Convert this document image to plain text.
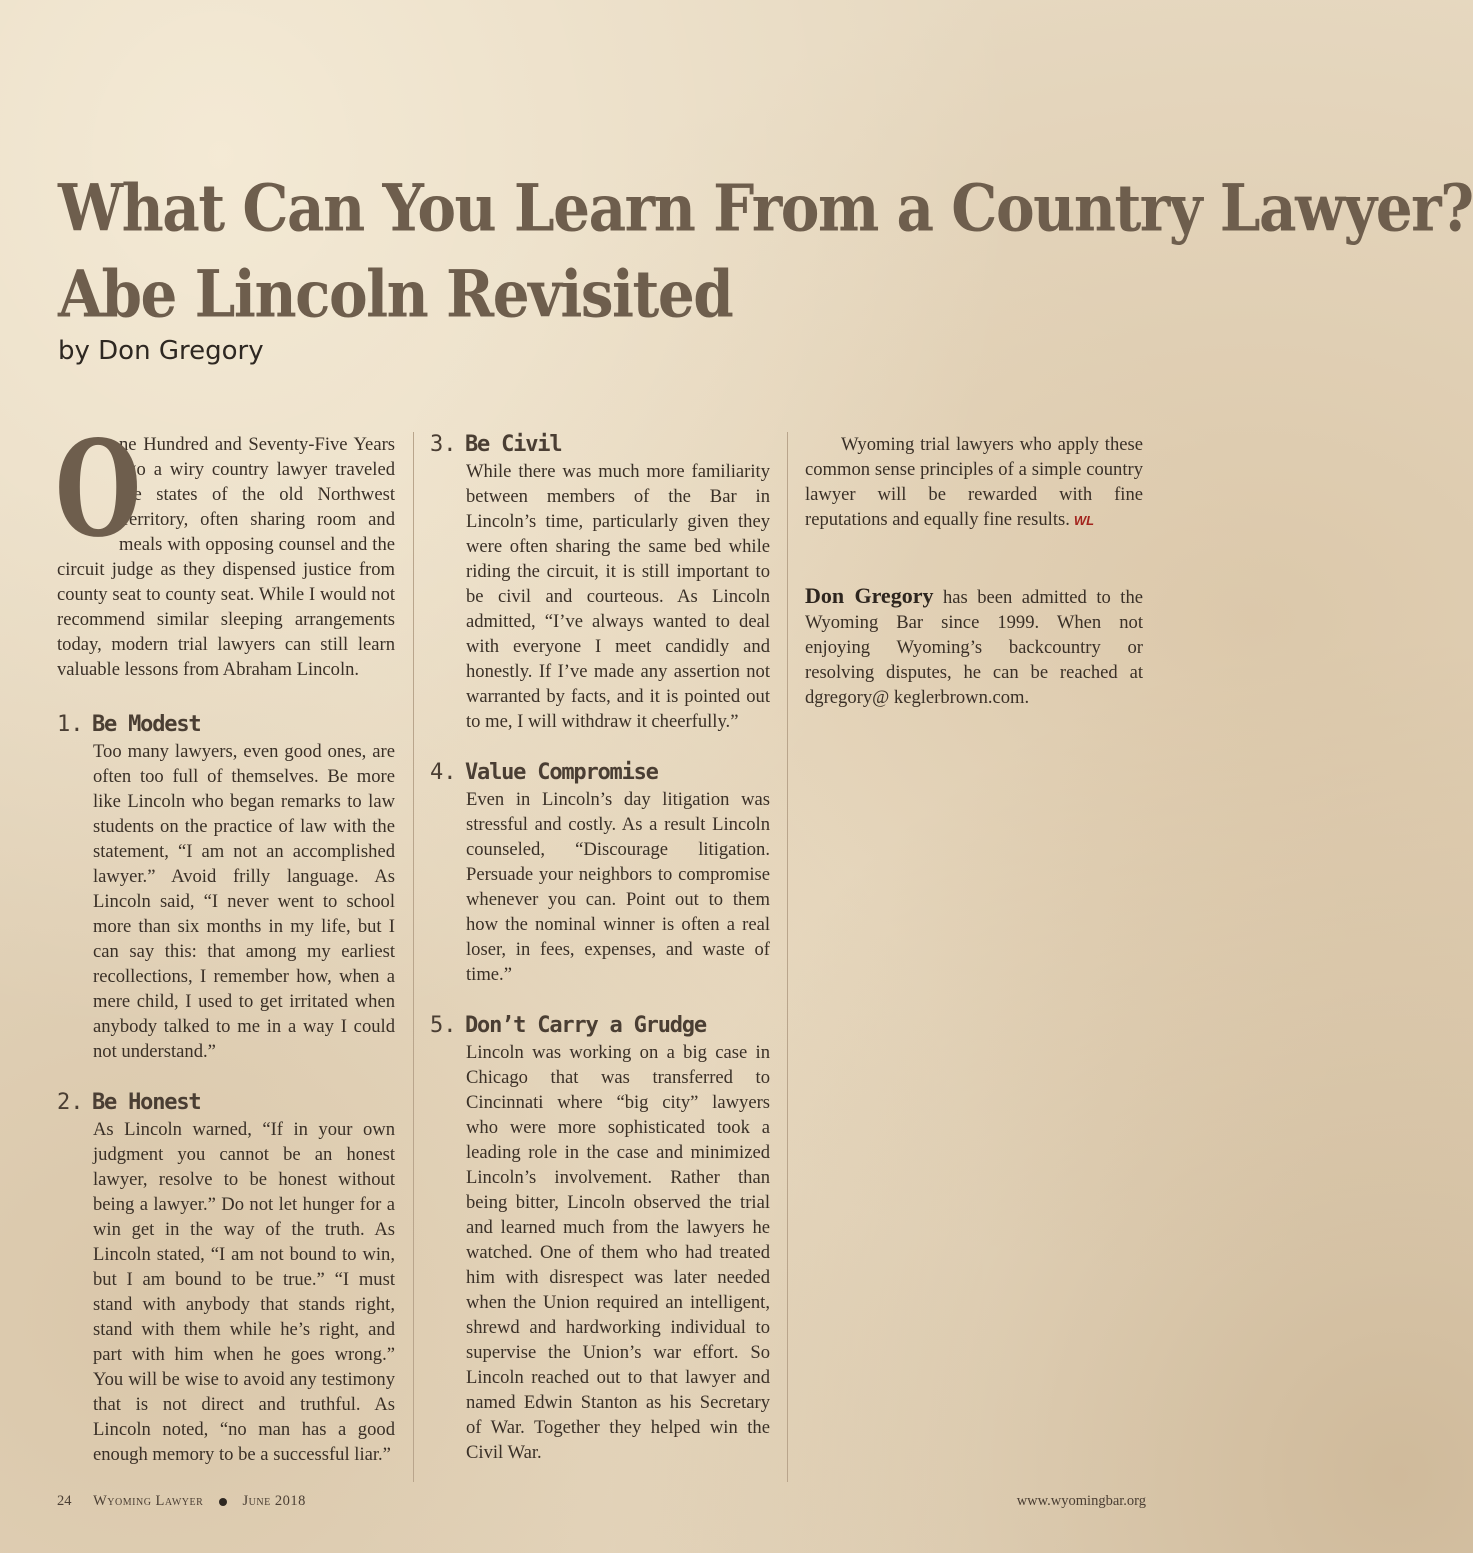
What Can You Learn From a Country Lawyer?
Abe Lincoln Revisited

by Don Gregory

O
ne Hundred and Seventy-Five Years ago a wiry country lawyer traveled the states of the old Northwest Territory, often sharing room and meals with opposing counsel and the circuit judge as they dispensed justice from county seat to county seat. While I would not recommend similar sleeping arrangements today, modern trial lawyers can still learn valuable lessons from Abraham Lincoln.

1. Be Modest

Too many lawyers, even good ones, are often too full of themselves. Be more like Lincoln who began remarks to law students on the practice of law with the statement, “I am not an accomplished lawyer.” Avoid frilly language. As Lincoln said, “I never went to school more than six months in my life, but I can say this: that among my earliest recollections, I remember how, when a mere child, I used to get irritated when anybody talked to me in a way I could not understand.”

2. Be Honest

As Lincoln warned, “If in your own judgment you cannot be an honest lawyer, resolve to be honest without being a lawyer.” Do not let hunger for a win get in the way of the truth. As Lincoln stated, “I am not bound to win, but I am bound to be true.” “I must stand with anybody that stands right, stand with them while he’s right, and part with him when he goes wrong.” You will be wise to avoid any testimony that is not direct and truthful. As Lincoln noted, “no man has a good enough memory to be a successful liar.”

3. Be Civil

While there was much more familiarity between members of the Bar in Lincoln’s time, particularly given they were often sharing the same bed while riding the circuit, it is still important to be civil and courteous. As Lincoln admitted, “I’ve always wanted to deal with everyone I meet candidly and honestly. If I’ve made any assertion not warranted by facts, and it is pointed out to me, I will withdraw it cheerfully.”

4. Value Compromise

Even in Lincoln’s day litigation was stressful and costly. As a result Lincoln counseled, “Discourage litigation. Persuade your neighbors to compromise whenever you can. Point out to them how the nominal winner is often a real loser, in fees, expenses, and waste of time.”

5. Don’t Carry a Grudge

Lincoln was working on a big case in Chicago that was transferred to Cincinnati where “big city” lawyers who were more sophisticated took a leading role in the case and minimized Lincoln’s involvement. Rather than being bitter, Lincoln observed the trial and learned much from the lawyers he watched. One of them who had treated him with disrespect was later needed when the Union required an intelligent, shrewd and hardworking individual to supervise the Union’s war effort. So Lincoln reached out to that lawyer and named Edwin Stanton as his Secretary of War. Together they helped win the Civil War.

Wyoming trial lawyers who apply these common sense principles of a simple country lawyer will be rewarded with fine reputations and equally fine results. WL

Don Gregory has been admitted to the Wyoming Bar since 1999. When not enjoying Wyoming’s backcountry or resolving disputes, he can be reached at dgregory@ keglerbrown.com.

24 Wyoming Lawyer	June 2018	www.wyomingbar.org
